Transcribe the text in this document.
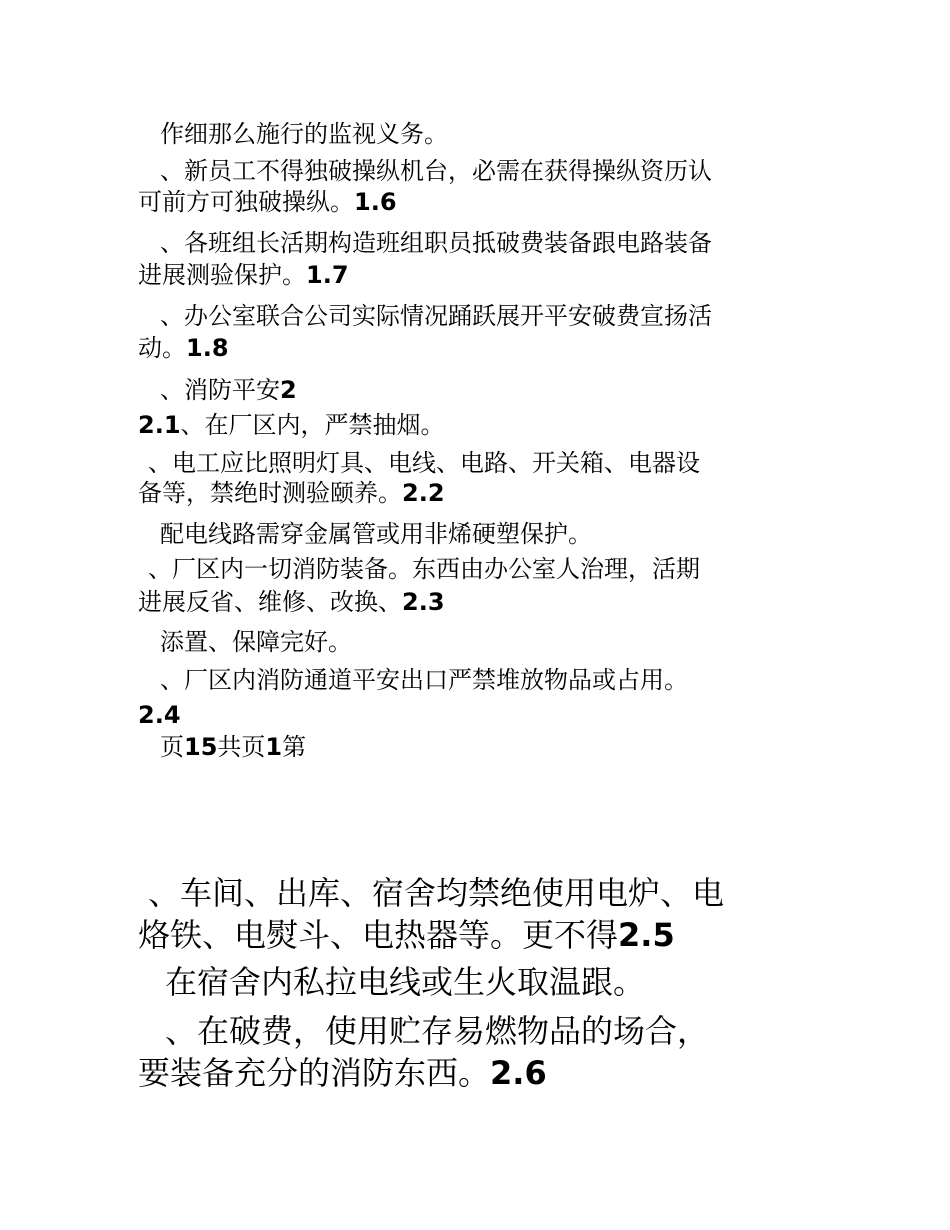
作细那么施行的监视义务。
、新员工不得独破操纵机台，必需在获得操纵资历认
可前方可独破操纵。1.6
、各班组长活期构造班组职员抵破费装备跟电路装备
进展测验保护。1.7
、办公室联合公司实际情况踊跃展开平安破费宣扬活
动。1.8
、消防平安2
2.1、在厂区内，严禁抽烟。
、电工应比照明灯具、电线、电路、开关箱、电器设
备等，禁绝时测验颐养。2.2
配电线路需穿金属管或用非烯硬塑保护。
、厂区内一切消防装备。东西由办公室人治理，活期
进展反省、维修、改换、2.3
添置、保障完好。
、厂区内消防通道平安出口严禁堆放物品或占用。
2.4
页15共页1第
、车间、出库、宿舍均禁绝使用电炉、电
烙铁、电熨斗、电热器等。更不得2.5
在宿舍内私拉电线或生火取温跟。
、在破费，使用贮存易燃物品的场合，
要装备充分的消防东西。2.6
